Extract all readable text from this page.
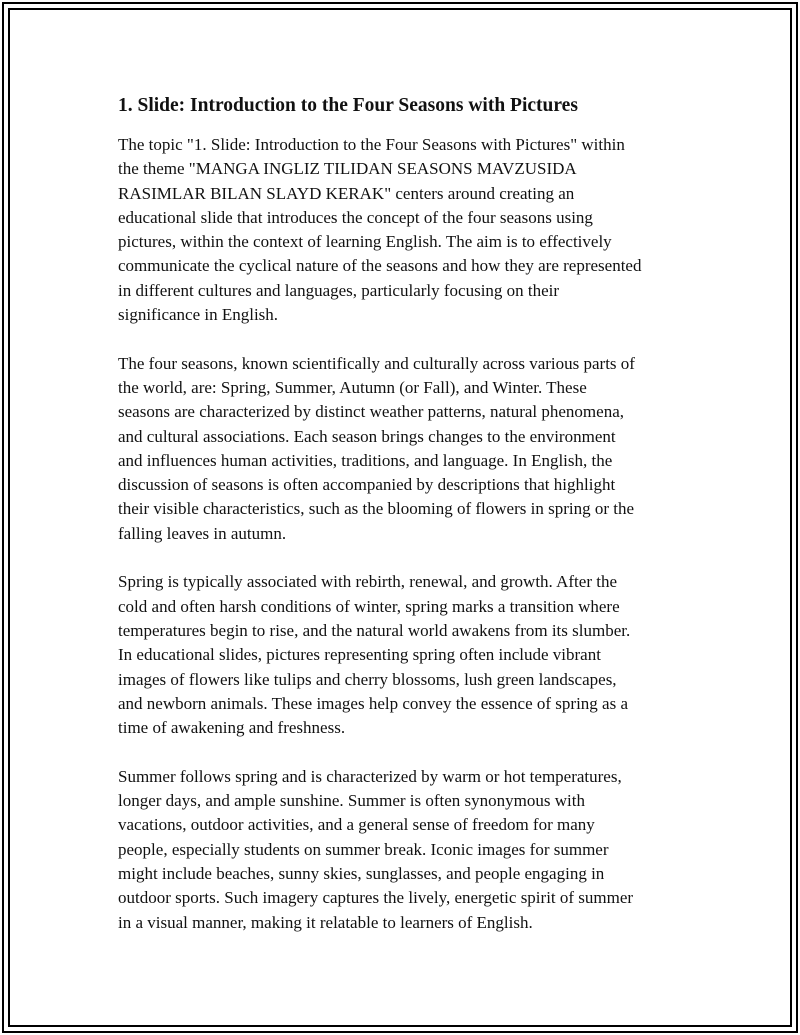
1. Slide: Introduction to the Four Seasons with Pictures

The topic "1. Slide: Introduction to the Four Seasons with Pictures" within
the theme "MANGA INGLIZ TILIDAN SEASONS MAVZUSIDA
RASIMLAR BILAN SLAYD KERAK" centers around creating an
educational slide that introduces the concept of the four seasons using
pictures, within the context of learning English. The aim is to effectively
communicate the cyclical nature of the seasons and how they are represented
in different cultures and languages, particularly focusing on their
significance in English.

The four seasons, known scientifically and culturally across various parts of
the world, are: Spring, Summer, Autumn (or Fall), and Winter. These
seasons are characterized by distinct weather patterns, natural phenomena,
and cultural associations. Each season brings changes to the environment
and influences human activities, traditions, and language. In English, the
discussion of seasons is often accompanied by descriptions that highlight
their visible characteristics, such as the blooming of flowers in spring or the
falling leaves in autumn.

Spring is typically associated with rebirth, renewal, and growth. After the
cold and often harsh conditions of winter, spring marks a transition where
temperatures begin to rise, and the natural world awakens from its slumber.
In educational slides, pictures representing spring often include vibrant
images of flowers like tulips and cherry blossoms, lush green landscapes,
and newborn animals. These images help convey the essence of spring as a
time of awakening and freshness.

Summer follows spring and is characterized by warm or hot temperatures,
longer days, and ample sunshine. Summer is often synonymous with
vacations, outdoor activities, and a general sense of freedom for many
people, especially students on summer break. Iconic images for summer
might include beaches, sunny skies, sunglasses, and people engaging in
outdoor sports. Such imagery captures the lively, energetic spirit of summer
in a visual manner, making it relatable to learners of English.
